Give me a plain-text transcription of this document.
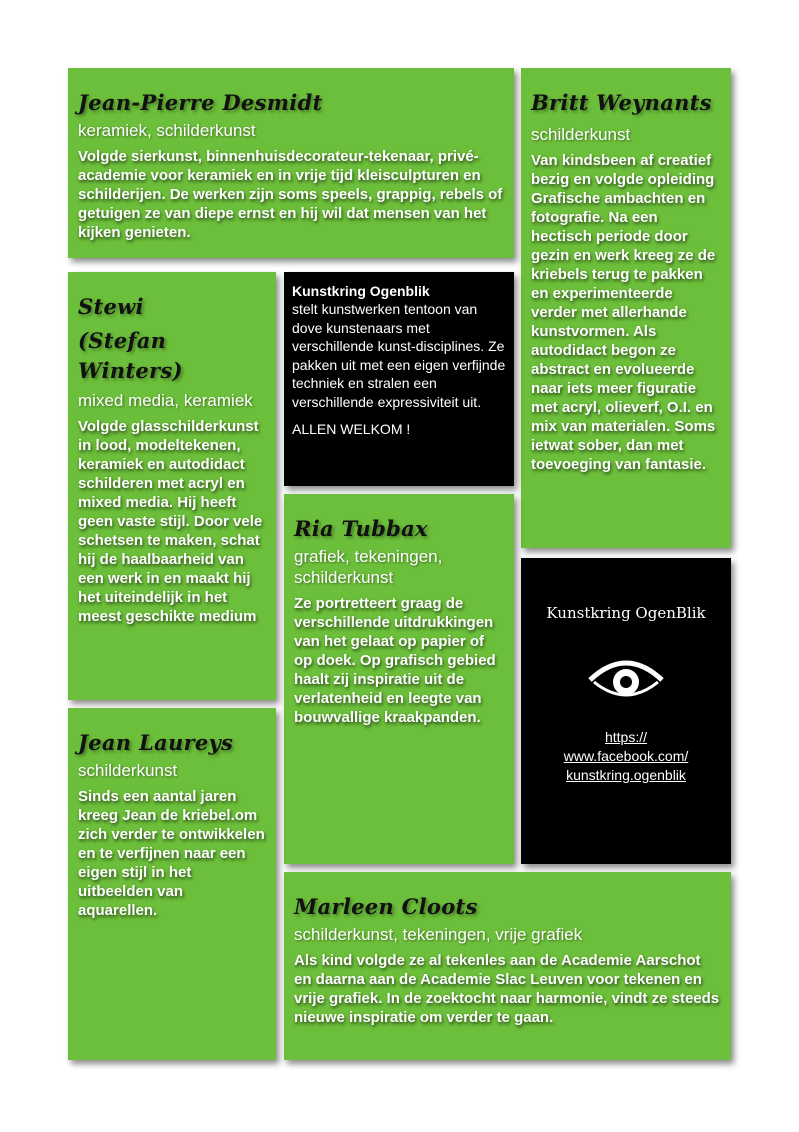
Jean-Pierre Desmidt
keramiek, schilderkunst
Volgde sierkunst, binnenhuisdecorateur-tekenaar, privé-academie voor keramiek en in vrije tijd kleisculpturen en schilderijen. De werken zijn soms speels, grappig, rebels of getuigen ze van diepe ernst en hij wil dat mensen van het kijken genieten.
Britt Weynants
schilderkunst
Van kindsbeen af creatief bezig en volgde opleiding Grafische ambachten en fotografie. Na een hectisch periode door gezin en werk kreeg ze de kriebels terug te pakken en experimenteerde verder met allerhande kunstvormen. Als autodidact begon ze abstract en evolueerde naar iets meer figuratie met acryl, olieverf, O.I. en mix van materialen. Soms ietwat sober, dan met toevoeging van fantasie.
Stewi
(Stefan Winters)
mixed media, keramiek
Volgde glasschilderkunst in lood, modeltekenen, keramiek en autodidact schilderen met acryl en mixed media. Hij heeft geen vaste stijl. Door vele schetsen te maken, schat hij de haalbaarheid van een werk in en maakt hij het uiteindelijk in het meest geschikte medium
Kunstkring Ogenblik
stelt kunstwerken tentoon van dove kunstenaars met verschillende kunst-disciplines. Ze pakken uit met een eigen verfijnde techniek en stralen een verschillende expressiviteit uit.
ALLEN WELKOM !
Ria Tubbax
grafiek, tekeningen, schilderkunst
Ze portretteert graag de verschillende uitdrukkingen van het gelaat op papier of op doek. Op grafisch gebied haalt zij inspiratie uit de verlatenheid en leegte van bouwvallige kraakpanden.
Kunstkring OgenBlik
https://
www.facebook.com/
kunstkring.ogenblik
Jean Laureys
schilderkunst
Sinds een aantal jaren kreeg Jean de kriebel.om zich verder te ontwikkelen en te verfijnen naar een eigen stijl in het uitbeelden van aquarellen.	Marleen Cloots
schilderkunst, tekeningen, vrije grafiek
Als kind volgde ze al tekenles aan de Academie Aarschot en daarna aan de Academie Slac Leuven voor tekenen en vrije grafiek. In de zoektocht naar harmonie, vindt ze steeds nieuwe inspiratie om verder te gaan.
